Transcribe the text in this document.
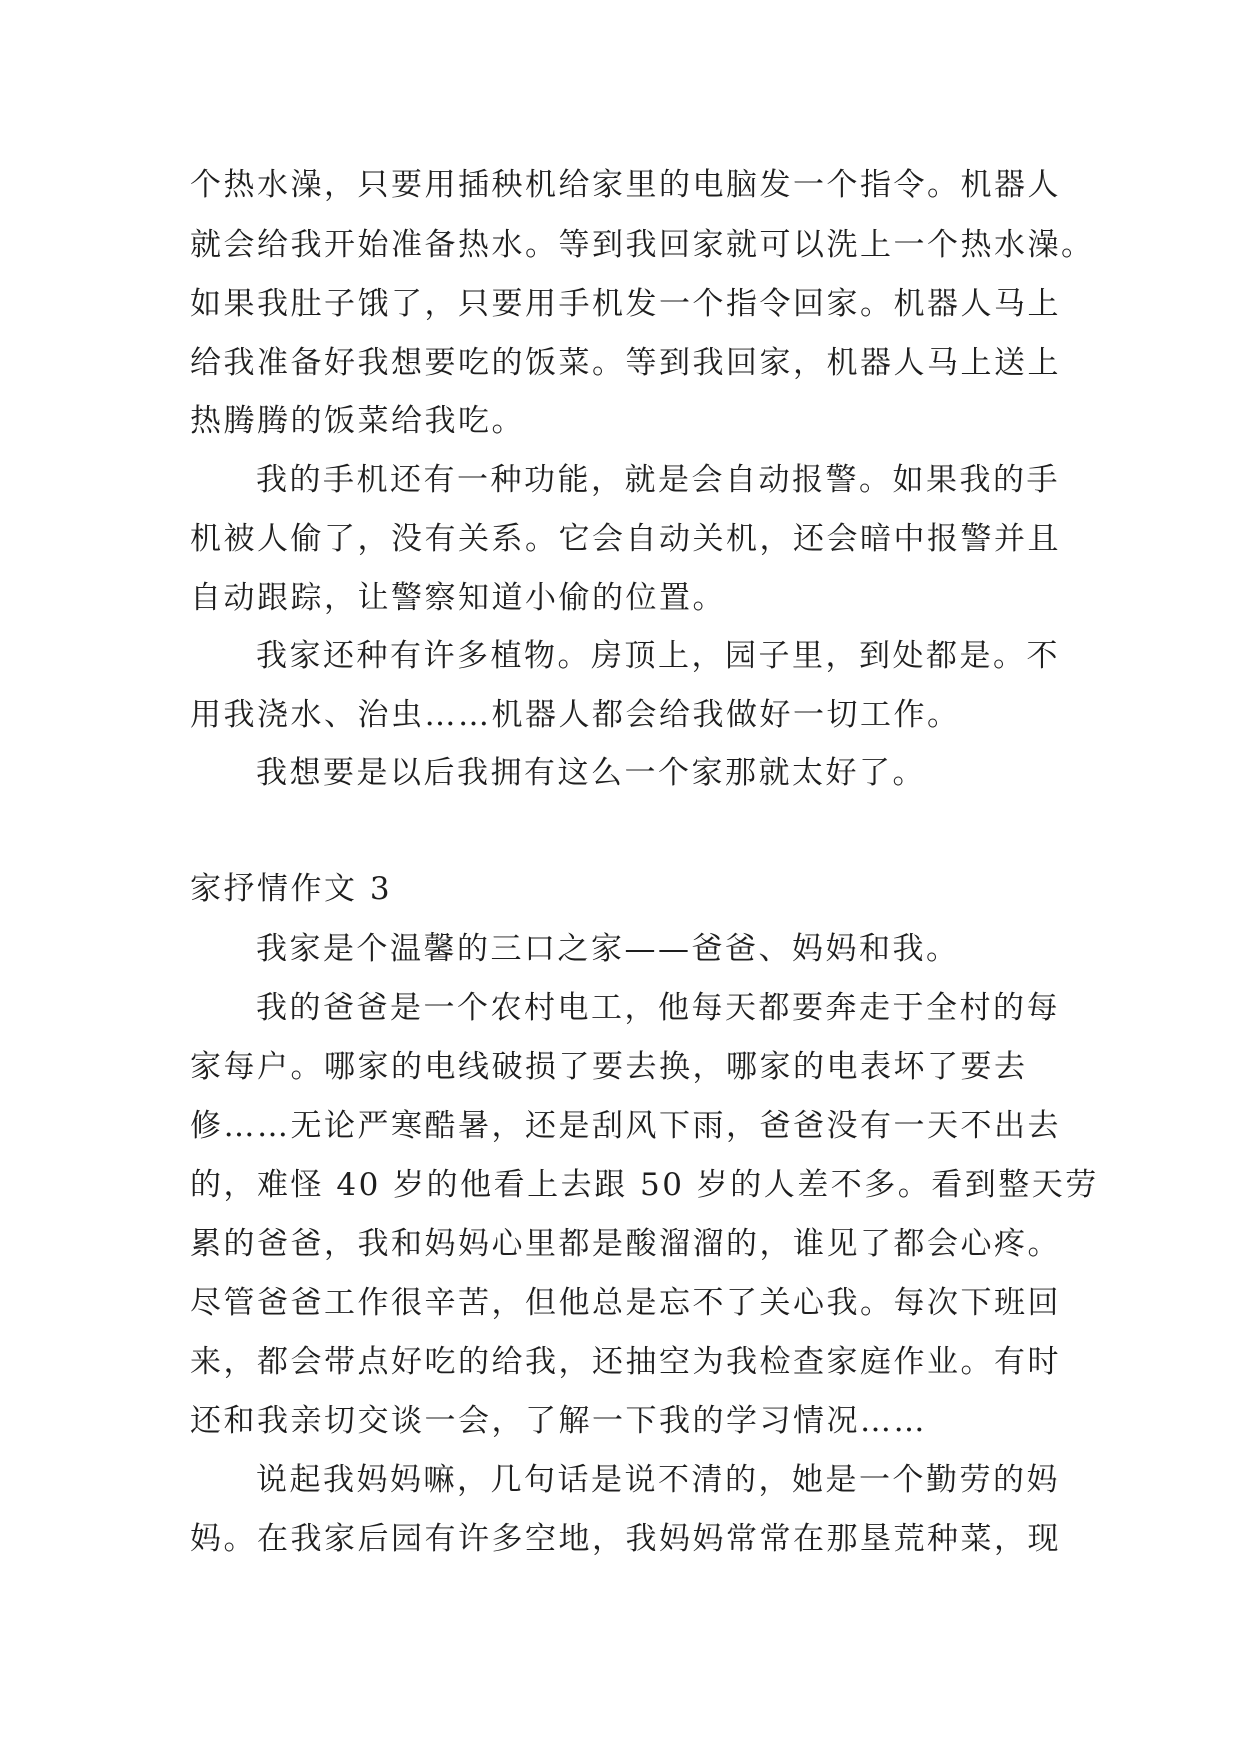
个热水澡，只要用插秧机给家里的电脑发一个指令。机器人
就会给我开始准备热水。等到我回家就可以洗上一个热水澡。
如果我肚子饿了，只要用手机发一个指令回家。机器人马上
给我准备好我想要吃的饭菜。等到我回家，机器人马上送上
热腾腾的饭菜给我吃。
我的手机还有一种功能，就是会自动报警。如果我的手
机被人偷了，没有关系。它会自动关机，还会暗中报警并且
自动跟踪，让警察知道小偷的位置。
我家还种有许多植物。房顶上，园子里，到处都是。不
用我浇水、治虫……机器人都会给我做好一切工作。
我想要是以后我拥有这么一个家那就太好了。
家抒情作文 3
我家是个温馨的三口之家——爸爸、妈妈和我。
我的爸爸是一个农村电工，他每天都要奔走于全村的每
家每户。哪家的电线破损了要去换，哪家的电表坏了要去
修……无论严寒酷暑，还是刮风下雨，爸爸没有一天不出去
的，难怪 40 岁的他看上去跟 50 岁的人差不多。看到整天劳
累的爸爸，我和妈妈心里都是酸溜溜的，谁见了都会心疼。
尽管爸爸工作很辛苦，但他总是忘不了关心我。每次下班回
来，都会带点好吃的给我，还抽空为我检查家庭作业。有时
还和我亲切交谈一会，了解一下我的学习情况……
说起我妈妈嘛，几句话是说不清的，她是一个勤劳的妈
妈。在我家后园有许多空地，我妈妈常常在那垦荒种菜，现
